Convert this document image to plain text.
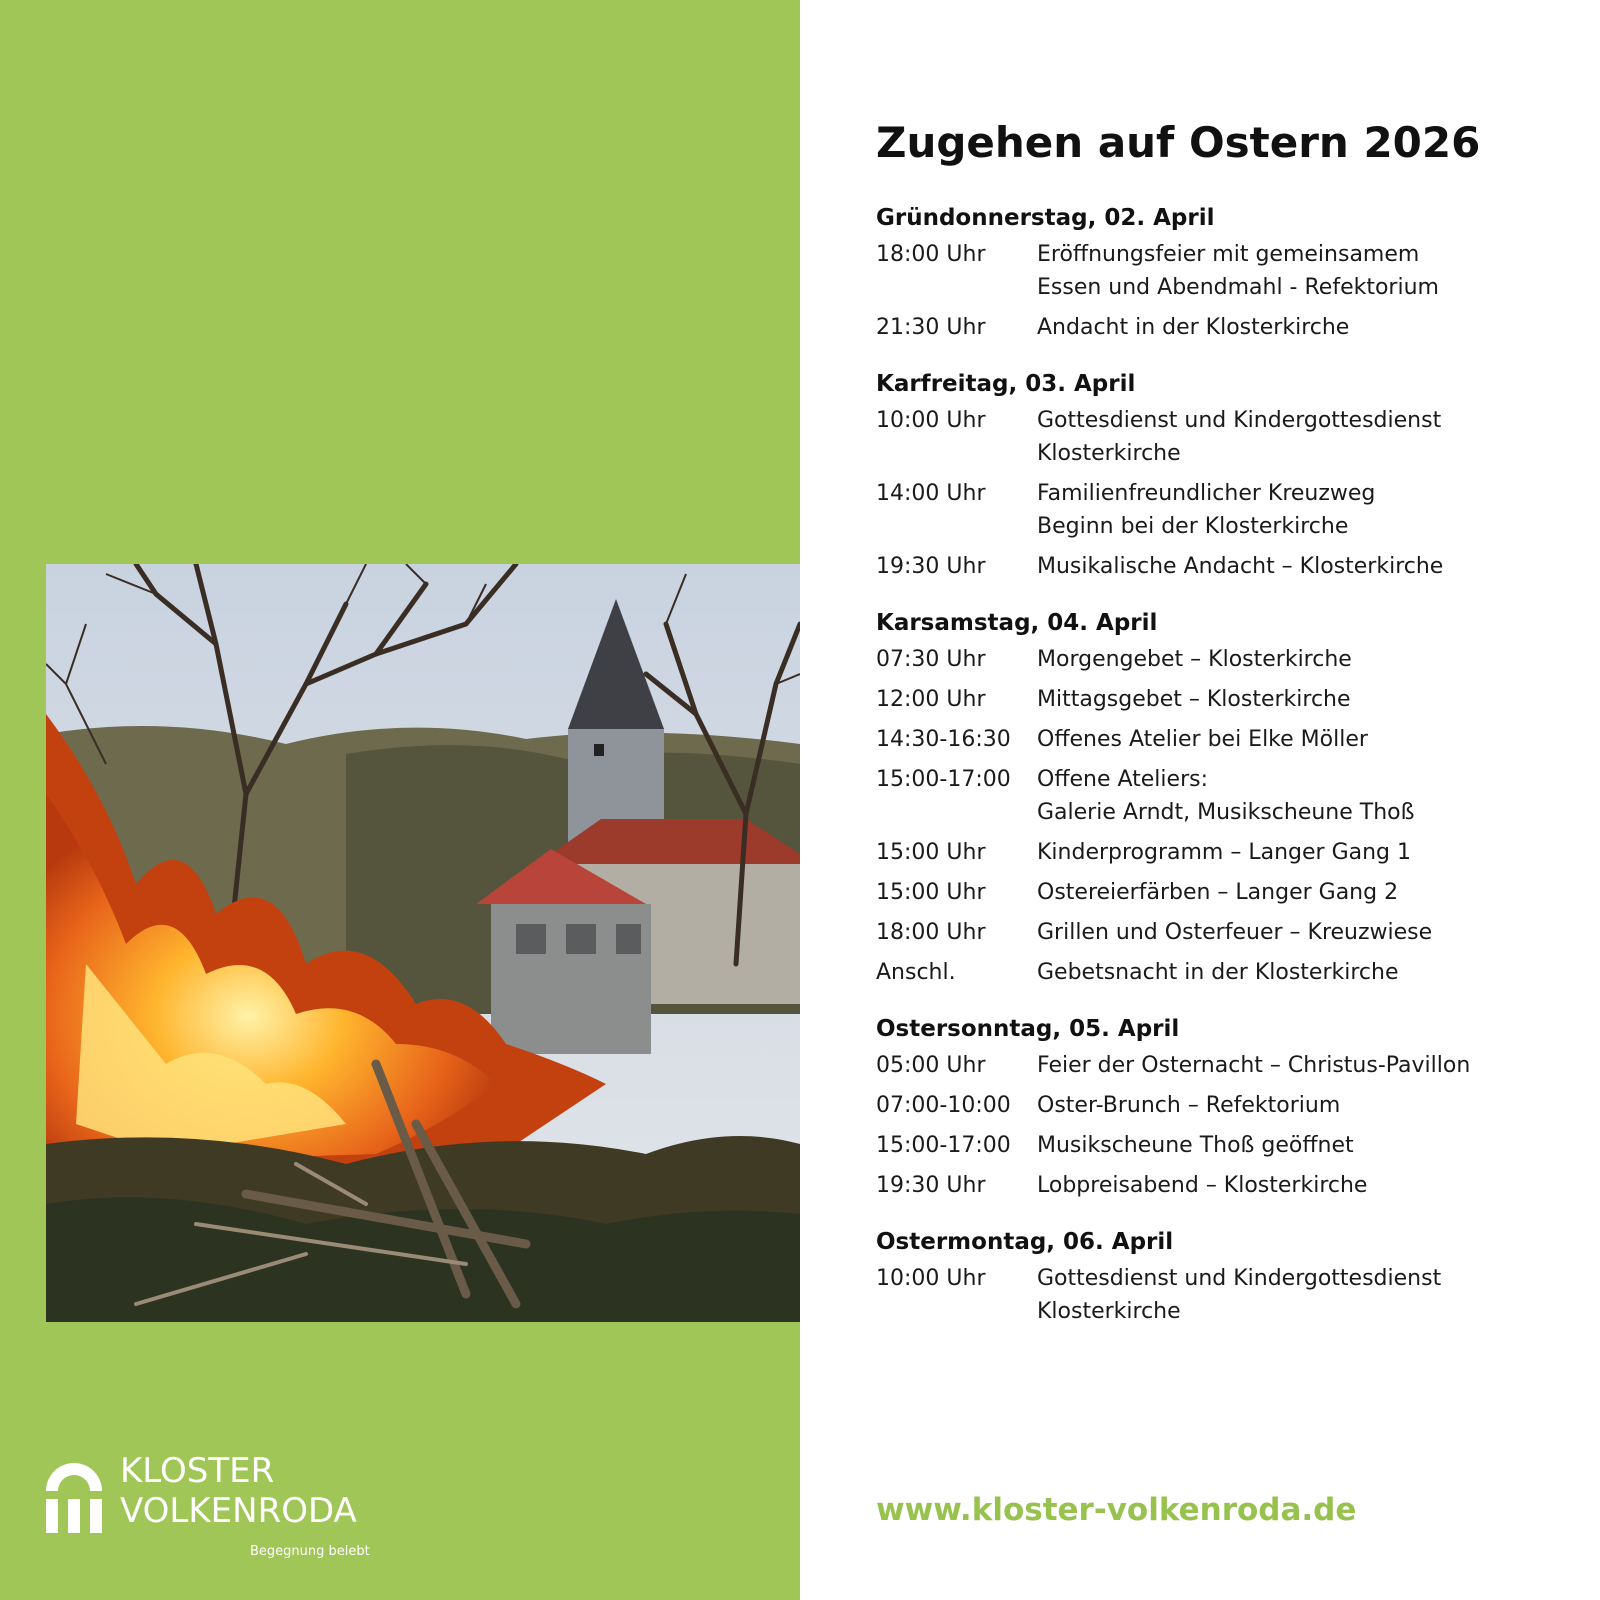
KLOSTER
VOLKENRODA
Begegnung belebt
Zugehen auf Ostern 2026
Gründonnerstag, 02. April
18:00 Uhr	Eröffnungsfeier mit gemeinsamem
Essen und Abendmahl - Refektorium
21:30 Uhr	Andacht in der Klosterkirche
Karfreitag, 03. April
10:00 Uhr	Gottesdienst und Kindergottesdienst
Klosterkirche
14:00 Uhr	Familienfreundlicher Kreuzweg
Beginn bei der Klosterkirche
19:30 Uhr	Musikalische Andacht – Klosterkirche
Karsamstag, 04. April
07:30 Uhr	Morgengebet – Klosterkirche
12:00 Uhr	Mittagsgebet – Klosterkirche
14:30-16:30	Offenes Atelier bei Elke Möller
15:00-17:00	Offene Ateliers:
Galerie Arndt, Musikscheune Thoß
15:00 Uhr	Kinderprogramm – Langer Gang 1
15:00 Uhr	Ostereierfärben – Langer Gang 2
18:00 Uhr	Grillen und Osterfeuer – Kreuzwiese
Anschl.	Gebetsnacht in der Klosterkirche
Ostersonntag, 05. April
05:00 Uhr	Feier der Osternacht – Christus-Pavillon
07:00-10:00	Oster-Brunch – Refektorium
15:00-17:00	Musikscheune Thoß geöffnet
19:30 Uhr	Lobpreisabend – Klosterkirche
Ostermontag, 06. April
10:00 Uhr	Gottesdienst und Kindergottesdienst
Klosterkirche
www.kloster-volkenroda.de
